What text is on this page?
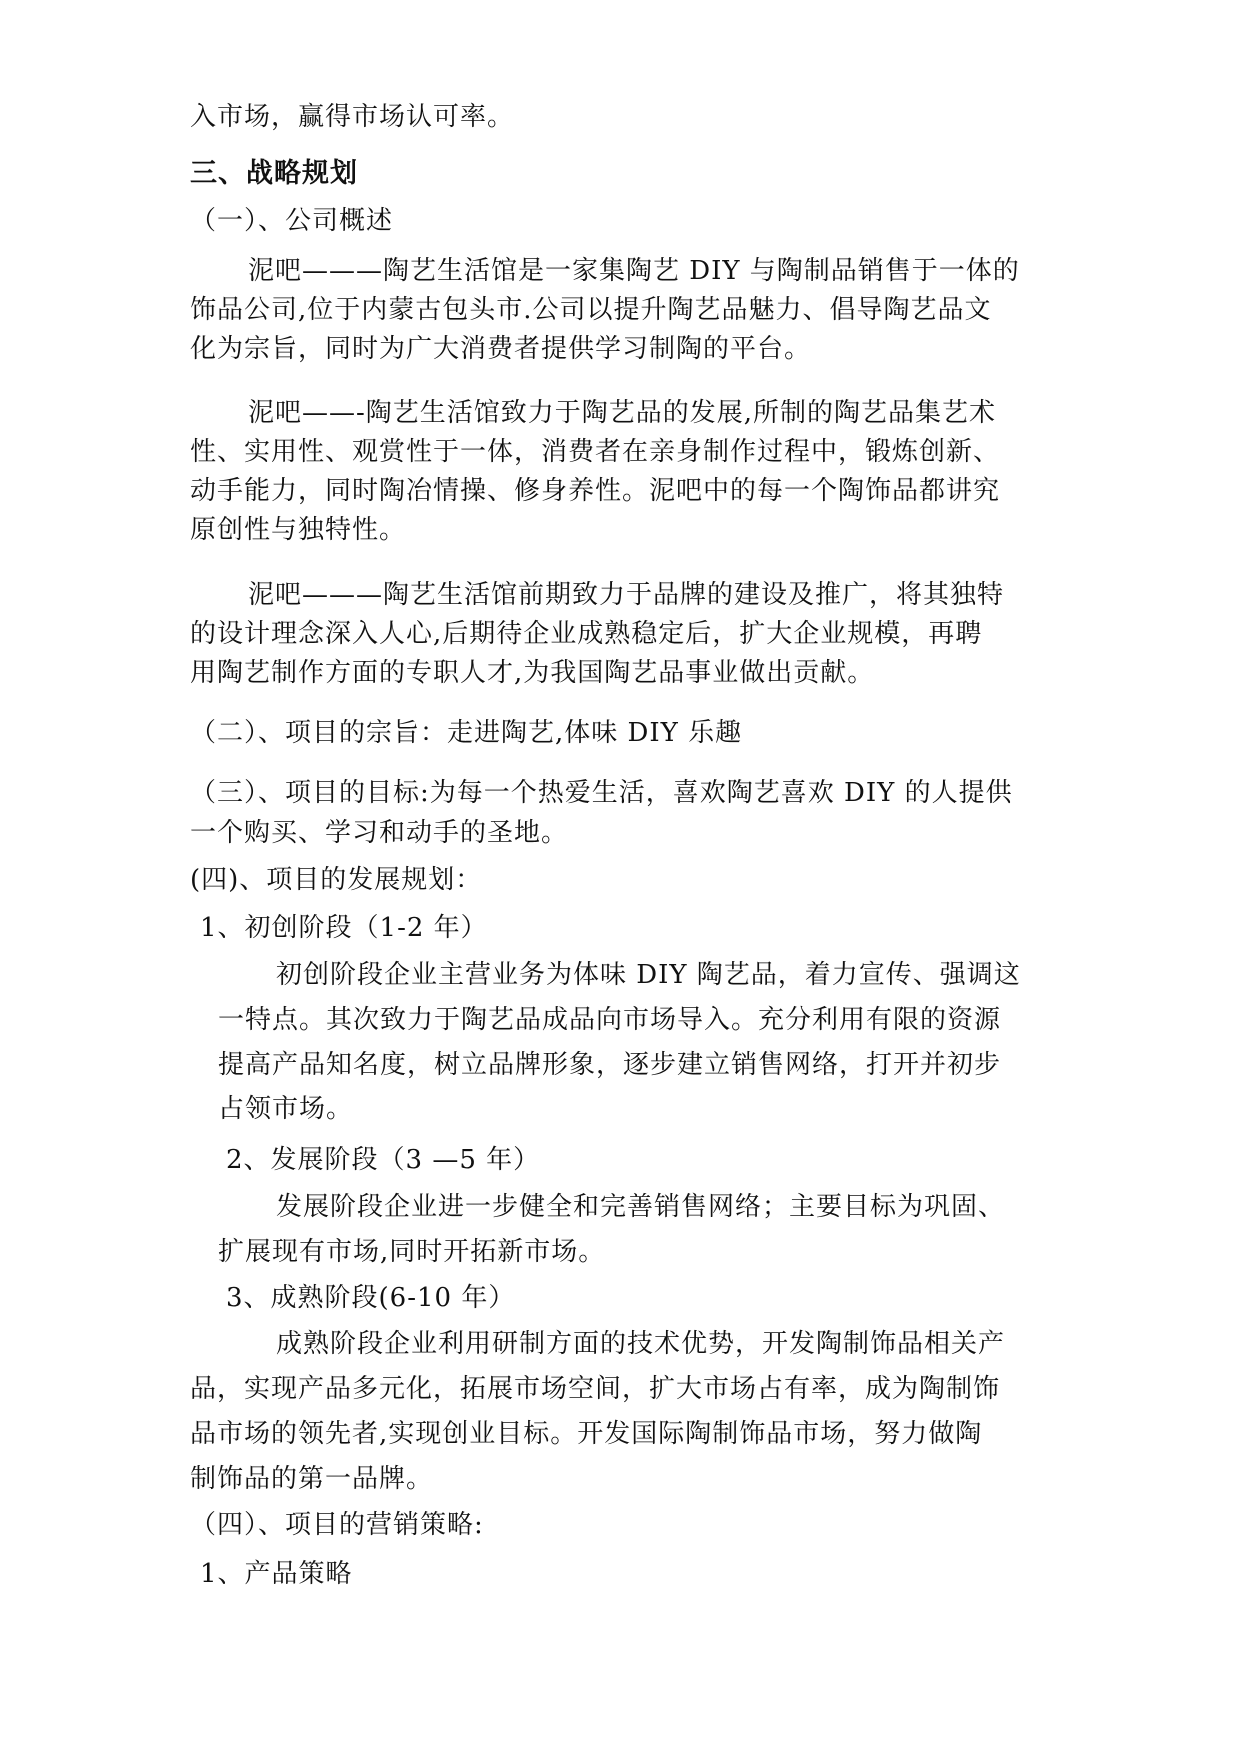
入市场，赢得市场认可率。
三、战略规划
（一）、公司概述
泥吧———陶艺生活馆是一家集陶艺 DIY 与陶制品销售于一体的
饰品公司,位于内蒙古包头市.公司以提升陶艺品魅力、倡导陶艺品文
化为宗旨，同时为广大消费者提供学习制陶的平台。
泥吧——-陶艺生活馆致力于陶艺品的发展,所制的陶艺品集艺术
性、实用性、观赏性于一体，消费者在亲身制作过程中，锻炼创新、
动手能力，同时陶冶情操、修身养性。泥吧中的每一个陶饰品都讲究
原创性与独特性。
泥吧———陶艺生活馆前期致力于品牌的建设及推广，将其独特
的设计理念深入人心,后期待企业成熟稳定后，扩大企业规模，再聘
用陶艺制作方面的专职人才,为我国陶艺品事业做出贡献。
（二）、项目的宗旨：走进陶艺,体味 DIY 乐趣
（三）、项目的目标:为每一个热爱生活，喜欢陶艺喜欢 DIY 的人提供
一个购买、学习和动手的圣地。
(四)、项目的发展规划：
1、初创阶段（1-2 年）
初创阶段企业主营业务为体味 DIY 陶艺品，着力宣传、强调这
一特点。其次致力于陶艺品成品向市场导入。充分利用有限的资源
提高产品知名度，树立品牌形象，逐步建立销售网络，打开并初步
占领市场。
2、发展阶段（3 —5 年）
发展阶段企业进一步健全和完善销售网络；主要目标为巩固、
扩展现有市场,同时开拓新市场。
3、成熟阶段(6-10 年）
成熟阶段企业利用研制方面的技术优势，开发陶制饰品相关产
品，实现产品多元化，拓展市场空间，扩大市场占有率，成为陶制饰
品市场的领先者,实现创业目标。开发国际陶制饰品市场，努力做陶
制饰品的第一品牌。
（四）、项目的营销策略:
1、产品策略
